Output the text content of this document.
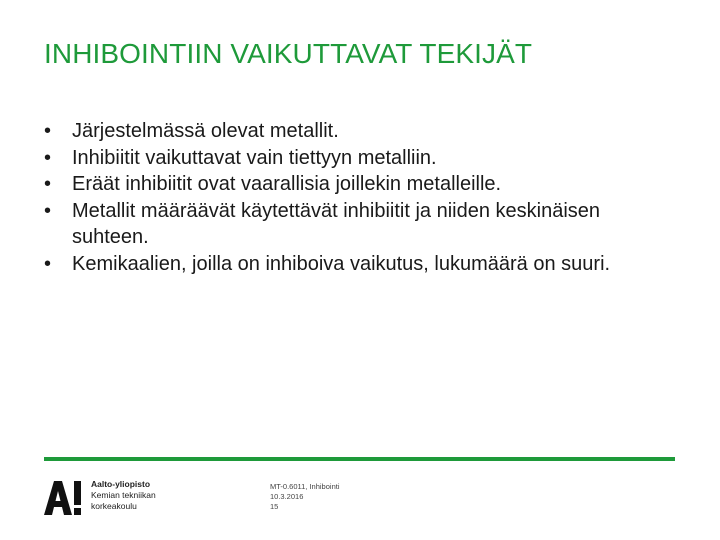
INHIBOINTIIN VAIKUTTAVAT TEKIJÄT
• Järjestelmässä olevat metallit.
• Inhibiitit vaikuttavat vain tiettyyn metalliin.
• Eräät inhibiitit ovat vaarallisia joillekin metalleille.
• Metallit määräävät käytettävät inhibiitit ja niiden keskinäisen suhteen.
• Kemikaalien, joilla on inhiboiva vaikutus, lukumäärä on suuri.
Aalto-yliopisto
Kemian tekniikan
korkeakoulu
MT-0.6011, Inhibointi
10.3.2016
15
